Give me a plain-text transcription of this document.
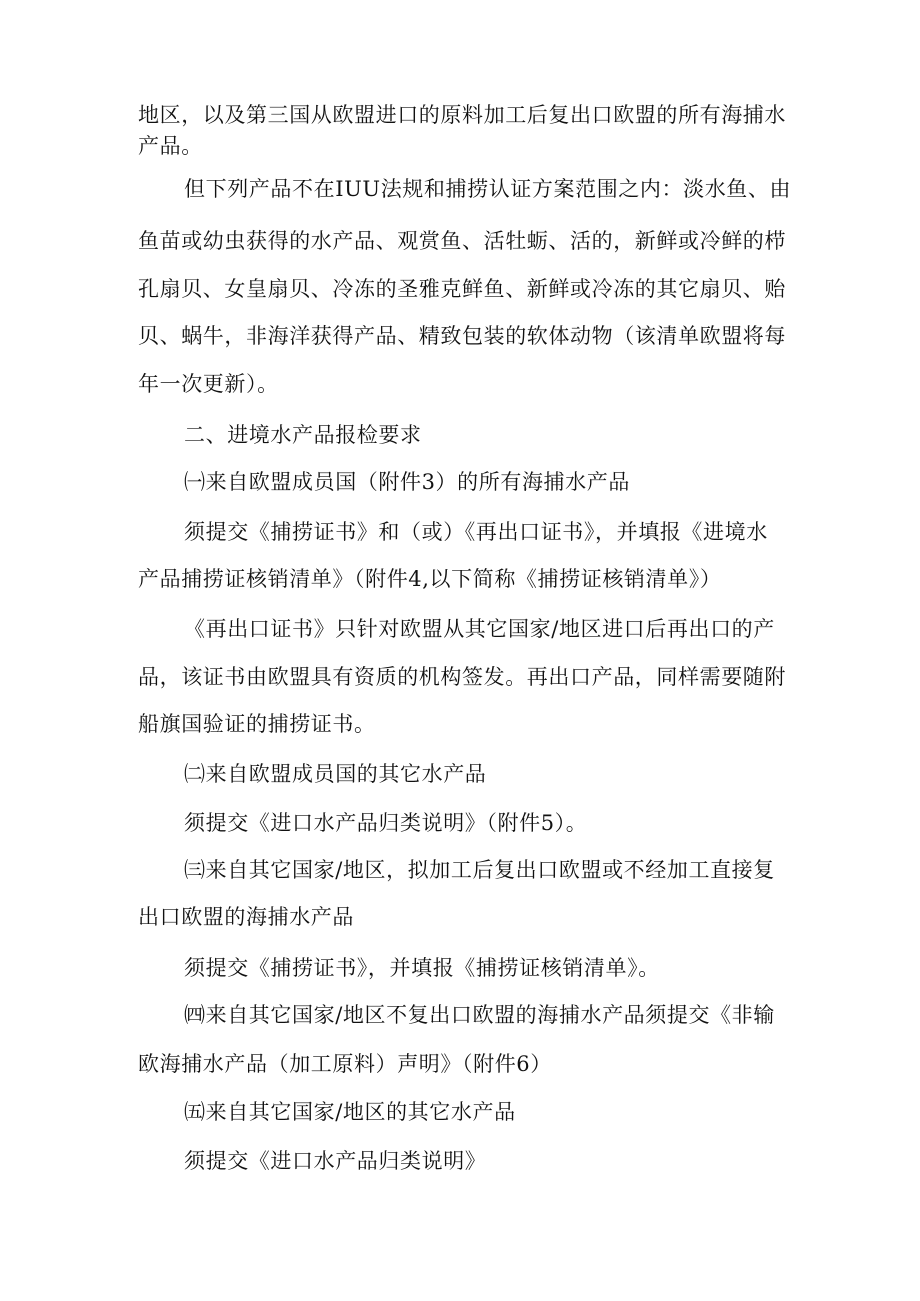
地区，以及第三国从欧盟进口的原料加工后复出口欧盟的所有海捕水
产品。
但下列产品不在IUU法规和捕捞认证方案范围之内：淡水鱼、由
鱼苗或幼虫获得的水产品、观赏鱼、活牡蛎、活的，新鲜或冷鲜的栉
孔扇贝、女皇扇贝、冷冻的圣雅克鲜鱼、新鲜或冷冻的其它扇贝、贻
贝、蜗牛，非海洋获得产品、精致包装的软体动物（该清单欧盟将每
年一次更新）。
二、进境水产品报检要求
㈠来自欧盟成员国（附件3）的所有海捕水产品
须提交《捕捞证书》和（或）《再出口证书》，并填报《进境水
产品捕捞证核销清单》（附件4,以下简称《捕捞证核销清单》）
《再出口证书》只针对欧盟从其它国家/地区进口后再出口的产
品，该证书由欧盟具有资质的机构签发。再出口产品，同样需要随附
船旗国验证的捕捞证书。
㈡来自欧盟成员国的其它水产品
须提交《进口水产品归类说明》（附件5）。
㈢来自其它国家/地区，拟加工后复出口欧盟或不经加工直接复
出口欧盟的海捕水产品
须提交《捕捞证书》，并填报《捕捞证核销清单》。
㈣来自其它国家/地区不复出口欧盟的海捕水产品须提交《非输
欧海捕水产品（加工原料）声明》（附件6）
㈤来自其它国家/地区的其它水产品
须提交《进口水产品归类说明》
